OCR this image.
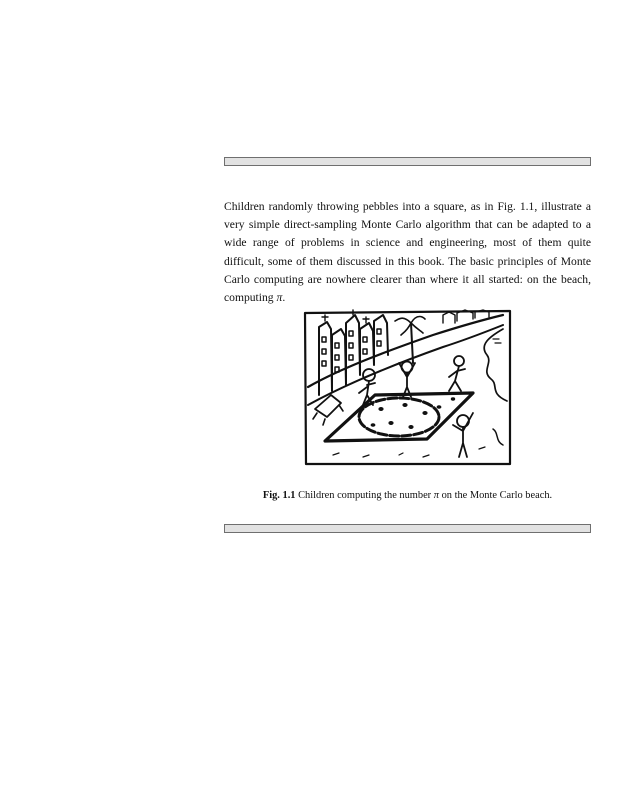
Children randomly throwing pebbles into a square, as in Fig. 1.1, illustrate a very simple direct-sampling Monte Carlo algorithm that can be adapted to a wide range of problems in science and engineering, most of them quite difficult, some of them discussed in this book. The basic principles of Monte Carlo computing are nowhere clearer than where it all started: on the beach, computing π.

Fig. 1.1 Children computing the number π on the Monte Carlo beach.
